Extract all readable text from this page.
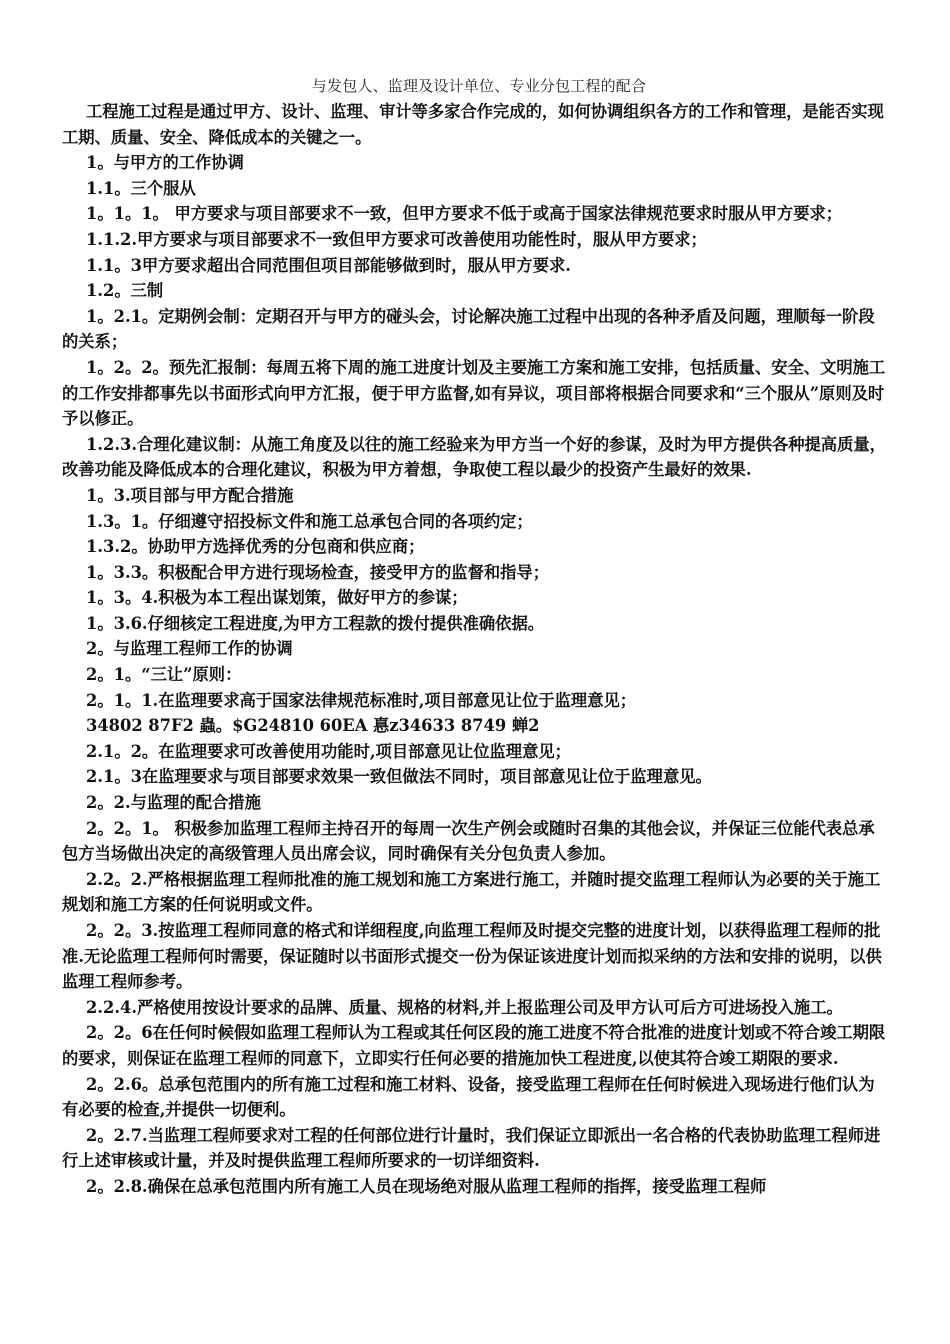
与发包人、监理及设计单位、专业分包工程的配合

工程施工过程是通过甲方、设计、监理、审计等多家合作完成的，如何协调组织各方的工作和管理，是能否实现工期、质量、安全、降低成本的关键之一。

1。与甲方的工作协调

1.1。三个服从

1。1。1。 甲方要求与项目部要求不一致，但甲方要求不低于或高于国家法律规范要求时服从甲方要求；

1.1.2.甲方要求与项目部要求不一致但甲方要求可改善使用功能性时，服从甲方要求；

1.1。3甲方要求超出合同范围但项目部能够做到时，服从甲方要求.

1.2。三制

1。2.1。定期例会制：定期召开与甲方的碰头会，讨论解决施工过程中出现的各种矛盾及问题，理顺每一阶段的关系；

1。2。2。预先汇报制：每周五将下周的施工进度计划及主要施工方案和施工安排，包括质量、安全、文明施工的工作安排都事先以书面形式向甲方汇报，便于甲方监督,如有异议，项目部将根据合同要求和“三个服从”原则及时予以修正。

1.2.3.合理化建议制：从施工角度及以往的施工经验来为甲方当一个好的参谋，及时为甲方提供各种提高质量，改善功能及降低成本的合理化建议，积极为甲方着想，争取使工程以最少的投资产生最好的效果.

1。3.项目部与甲方配合措施

1.3。1。仔细遵守招投标文件和施工总承包合同的各项约定；

1.3.2。协助甲方选择优秀的分包商和供应商；

1。3.3。积极配合甲方进行现场检查，接受甲方的监督和指导；

1。3。4.积极为本工程出谋划策，做好甲方的参谋；

1。3.6.仔细核定工程进度,为甲方工程款的拨付提供准确依据。

2。与监理工程师工作的协调

2。1。“三让”原则：

2。1。1.在监理要求高于国家法律规范标准时,项目部意见让位于监理意见；

34802 87F2 蟲。$G24810 60EA 惪z34633 8749 蝉2

2.1。2。在监理要求可改善使用功能时,项目部意见让位监理意见；

2.1。3在监理要求与项目部要求效果一致但做法不同时，项目部意见让位于监理意见。

2。2.与监理的配合措施

2。2。1。 积极参加监理工程师主持召开的每周一次生产例会或随时召集的其他会议，并保证三位能代表总承包方当场做出决定的高级管理人员出席会议，同时确保有关分包负责人参加。

2.2。2.严格根据监理工程师批准的施工规划和施工方案进行施工，并随时提交监理工程师认为必要的关于施工规划和施工方案的任何说明或文件。

2。2。3.按监理工程师同意的格式和详细程度,向监理工程师及时提交完整的进度计划，以获得监理工程师的批准.无论监理工程师何时需要，保证随时以书面形式提交一份为保证该进度计划而拟采纳的方法和安排的说明，以供监理工程师参考。

2.2.4.严格使用按设计要求的品牌、质量、规格的材料,并上报监理公司及甲方认可后方可进场投入施工。

2。2。6在任何时候假如监理工程师认为工程或其任何区段的施工进度不符合批准的进度计划或不符合竣工期限的要求，则保证在监理工程师的同意下，立即实行任何必要的措施加快工程进度,以使其符合竣工期限的要求.

2。2.6。总承包范围内的所有施工过程和施工材料、设备，接受监理工程师在任何时候进入现场进行他们认为有必要的检查,并提供一切便利。

2。2.7.当监理工程师要求对工程的任何部位进行计量时，我们保证立即派出一名合格的代表协助监理工程师进行上述审核或计量，并及时提供监理工程师所要求的一切详细资料.

2。2.8.确保在总承包范围内所有施工人员在现场绝对服从监理工程师的指挥，接受监理工程师
